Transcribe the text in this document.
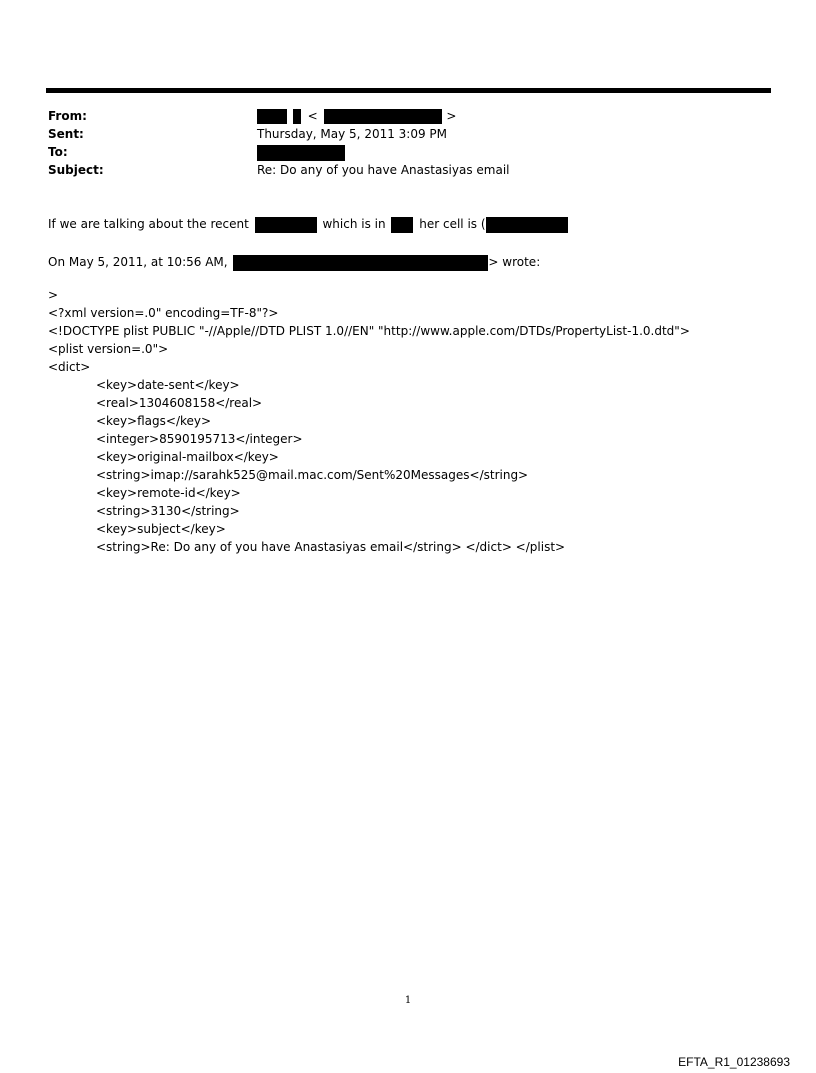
From:	<	>
Sent:	Thursday, May 5, 2011 3:09 PM
To:
Subject:	Re: Do any of you have Anastasiyas email
If we are talking about the recent	which is in	her cell is (
On May 5, 2011, at 10:56 AM,	> wrote:
>
<?xml version=.0" encoding=TF-8"?>
<!DOCTYPE plist PUBLIC "-//Apple//DTD PLIST 1.0//EN" "http://www.apple.com/DTDs/PropertyList-1.0.dtd">
<plist version=.0">
<dict>
<key>date-sent</key>
<real>1304608158</real>
<key>flags</key>
<integer>8590195713</integer>
<key>original-mailbox</key>
<string>imap://sarahk525@mail.mac.com/Sent%20Messages</string>
<key>remote-id</key>
<string>3130</string>
<key>subject</key>
<string>Re: Do any of you have Anastasiyas email</string> </dict> </plist>
1
EFTA_R1_01238693
